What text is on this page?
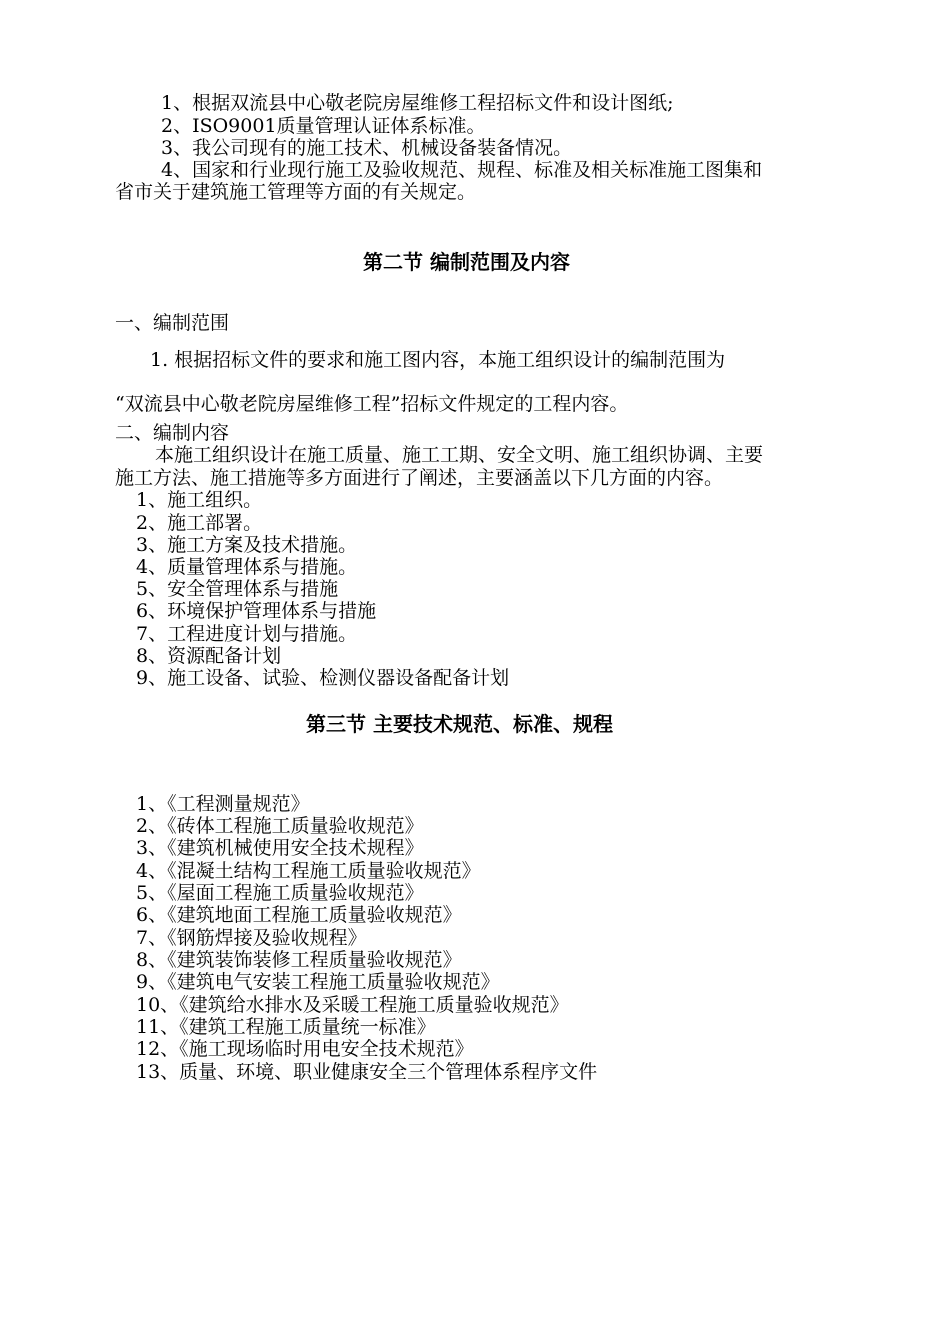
1、根据双流县中心敬老院房屋维修工程招标文件和设计图纸;
2、ISO9001质量管理认证体系标准。
3、我公司现有的施工技术、机械设备装备情况。
4、国家和行业现行施工及验收规范、规程、标准及相关标准施工图集和
省市关于建筑施工管理等方面的有关规定。
第二节 编制范围及内容
一、编制范围
1. 根据招标文件的要求和施工图内容，本施工组织设计的编制范围为
“双流县中心敬老院房屋维修工程”招标文件规定的工程内容。
二、编制内容
本施工组织设计在施工质量、施工工期、安全文明、施工组织协调、主要
施工方法、施工措施等多方面进行了阐述，主要涵盖以下几方面的内容。
1、施工组织。
2、施工部署。
3、施工方案及技术措施。
4、质量管理体系与措施。
5、安全管理体系与措施
6、环境保护管理体系与措施
7、工程进度计划与措施。
8、资源配备计划
9、施工设备、试验、检测仪器设备配备计划
第三节 主要技术规范、标准、规程
1、《工程测量规范》
2、《砖体工程施工质量验收规范》
3、《建筑机械使用安全技术规程》
4、《混凝土结构工程施工质量验收规范》
5、《屋面工程施工质量验收规范》
6、《建筑地面工程施工质量验收规范》
7、《钢筋焊接及验收规程》
8、《建筑装饰装修工程质量验收规范》
9、《建筑电气安装工程施工质量验收规范》
10、《建筑给水排水及采暖工程施工质量验收规范》
11、《建筑工程施工质量统一标准》
12、《施工现场临时用电安全技术规范》
13、质量、环境、职业健康安全三个管理体系程序文件
